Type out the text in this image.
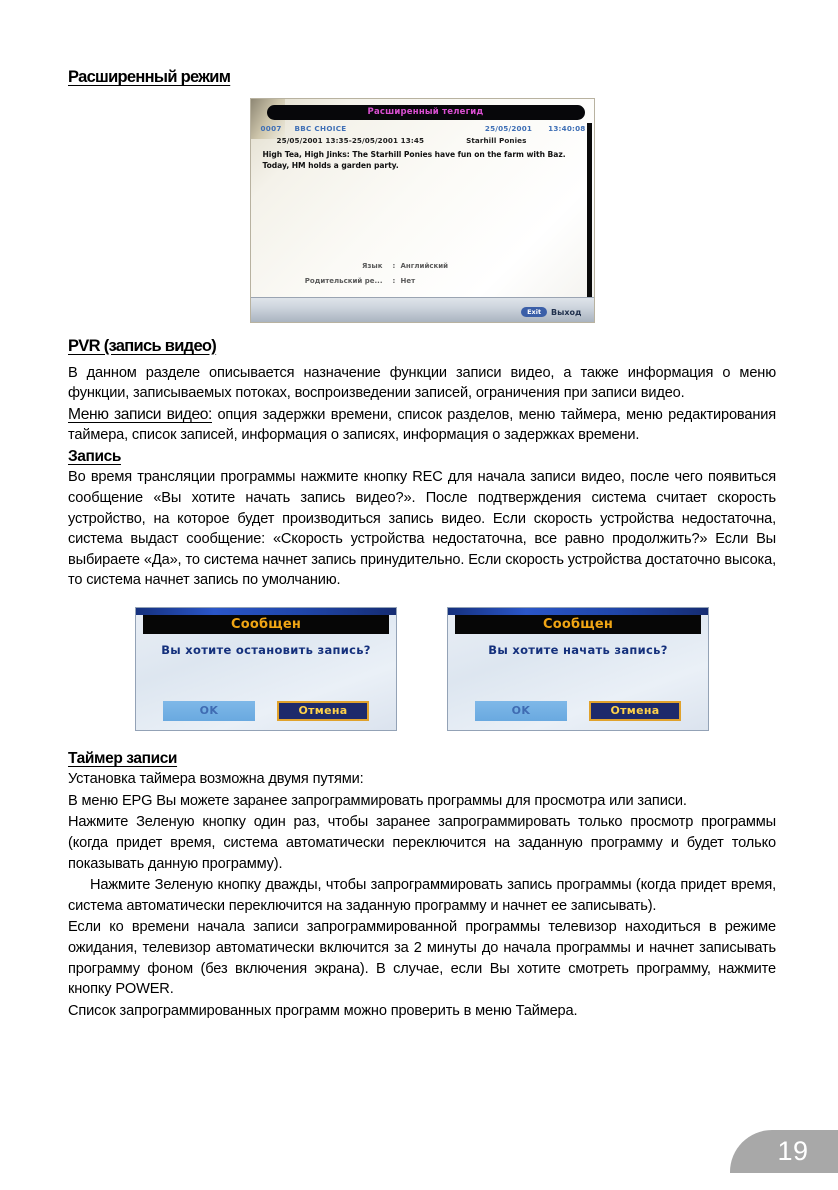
Расширенный режим
Расширенный телегид
0007	BBC CHOICE	25/05/2001 13:40:08
25/05/2001 13:35-25/05/2001 13:45	Starhill Ponies
High Tea, High Jinks: The Starhill Ponies have fun on the farm with Baz. Today, HM holds a garden party.
Язык	: Английский
Родительский ре...	: Нет
Exit	Выход
PVR (запись видео)

В данном разделе описывается назначение функции записи видео, а также информация о меню функции, записываемых потоках, воспроизведении записей, ограничения при записи видео.

Меню записи видео: опция задержки времени, список разделов, меню таймера, меню редактирования таймера, список записей, информация о записях, информация о задержках времени.

Запись

Во время трансляции программы нажмите кнопку REC для начала записи видео, после чего появиться сообщение «Вы хотите начать запись видео?». После подтверждения система считает скорость устройство, на которое будет производиться запись видео. Если скорость устройства недостаточна, система выдаст сообщение: «Скорость устройства недостаточна, все равно продолжить?» Если Вы выбираете «Да», то система начнет запись принудительно. Если скорость устройства достаточно высока, то система начнет запись по умолчанию.

Сообщен
Вы хотите остановить запись?
OK	Отмена
Сообщен
Вы хотите начать запись?
OK	Отмена
Таймер записи

Установка таймера возможна двумя путями:

В меню EPG Вы можете заранее запрограммировать программы для просмотра или записи.

Нажмите Зеленую кнопку один раз, чтобы заранее запрограммировать только просмотр программы (когда придет время, система автоматически переключится на заданную программу и будет только показывать данную программу).

Нажмите Зеленую кнопку дважды, чтобы запрограммировать запись программы (когда придет время, система автоматически переключится на заданную программу и начнет ее записывать).

Если ко времени начала записи запрограммированной программы телевизор находиться в режиме ожидания, телевизор автоматически включится за 2 минуты до начала программы и начнет записывать программу фоном (без включения экрана). В случае, если Вы хотите смотреть программу, нажмите кнопку POWER.

Список запрограммированных программ можно проверить в меню Таймера.

19
